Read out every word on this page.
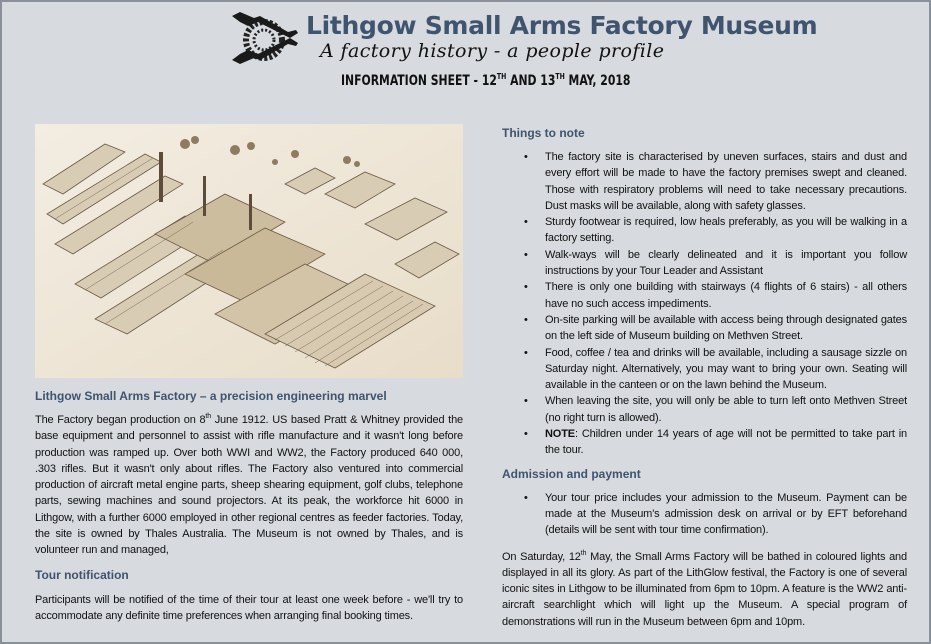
Lithgow Small Arms Factory Museum
A factory history - a people profile
INFORMATION SHEET - 12TH AND 13TH MAY, 2018

Lithgow Small Arms Factory – a precision engineering marvel

The Factory began production on 8th June 1912. US based Pratt & Whitney provided the base equipment and personnel to assist with rifle manufacture and it wasn't long before production was ramped up. Over both WWI and WW2, the Factory produced 640 000, .303 rifles. But it wasn't only about rifles. The Factory also ventured into commercial production of aircraft metal engine parts, sheep shearing equipment, golf clubs, telephone parts, sewing machines and sound projectors. At its peak, the workforce hit 6000 in Lithgow, with a further 6000 employed in other regional centres as feeder factories. Today, the site is owned by Thales Australia. The Museum is not owned by Thales, and is volunteer run and managed,

Tour notification

Participants will be notified of the time of their tour at least one week before - we'll try to accommodate any definite time preferences when arranging final booking times.

Things to note

• The factory site is characterised by uneven surfaces, stairs and dust and every effort will be made to have the factory premises swept and cleaned. Those with respiratory problems will need to take necessary precautions. Dust masks will be available, along with safety glasses.
• Sturdy footwear is required, low heals preferably, as you will be walking in a factory setting.
• Walk-ways will be clearly delineated and it is important you follow instructions by your Tour Leader and Assistant
• There is only one building with stairways (4 flights of 6 stairs) - all others have no such access impediments.
• On-site parking will be available with access being through designated gates on the left side of Museum building on Methven Street.
• Food, coffee / tea and drinks will be available, including a sausage sizzle on Saturday night. Alternatively, you may want to bring your own. Seating will available in the canteen or on the lawn behind the Museum.
• When leaving the site, you will only be able to turn left onto Methven Street (no right turn is allowed).
• NOTE: Children under 14 years of age will not be permitted to take part in the tour.

Admission and payment

• Your tour price includes your admission to the Museum. Payment can be made at the Museum's admission desk on arrival or by EFT beforehand (details will be sent with tour time confirmation).

On Saturday, 12th May, the Small Arms Factory will be bathed in coloured lights and displayed in all its glory. As part of the LithGlow festival, the Factory is one of several iconic sites in Lithgow to be illuminated from 6pm to 10pm. A feature is the WW2 anti-aircraft searchlight which will light up the Museum. A special program of demonstrations will run in the Museum between 6pm and 10pm.
